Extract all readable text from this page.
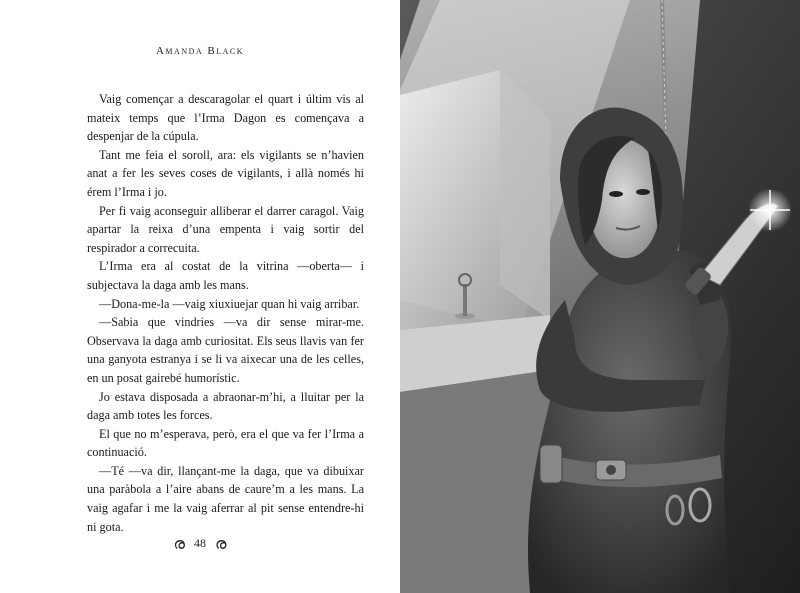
Amanda Black

Vaig començar a descaragolar el quart i últim vis al mateix temps que l’Irma Dagon es començava a despenjar de la cúpula.

Tant me feia el soroll, ara: els vigilants se n’havien anat a fer les seves coses de vigilants, i allà només hi érem l’Irma i jo.

Per fi vaig aconseguir alliberar el darrer caragol. Vaig apartar la reixa d’una empenta i vaig sortir del respirador a correcuita.

L’Irma era al costat de la vitrina —oberta— i subjectava la daga amb les mans.

—Dona-me-la —vaig xiuxiuejar quan hi vaig arribar.

—Sabia que vindries —va dir sense mirar-me. Observava la daga amb curiositat. Els seus llavis van fer una ganyota estranya i se li va aixecar una de les celles, en un posat gairebé humorístic.

Jo estava disposada a abraonar-m’hi, a lluitar per la daga amb totes les forces.

El que no m’esperava, però, era el que va fer l’Irma a continuació.

—Té —va dir, llançant-me la daga, que va dibuixar una paràbola a l’aire abans de caure’m a les mans. La vaig agafar i me la vaig aferrar al pit sense entendre-hi ni gota.

ര 48 ര
